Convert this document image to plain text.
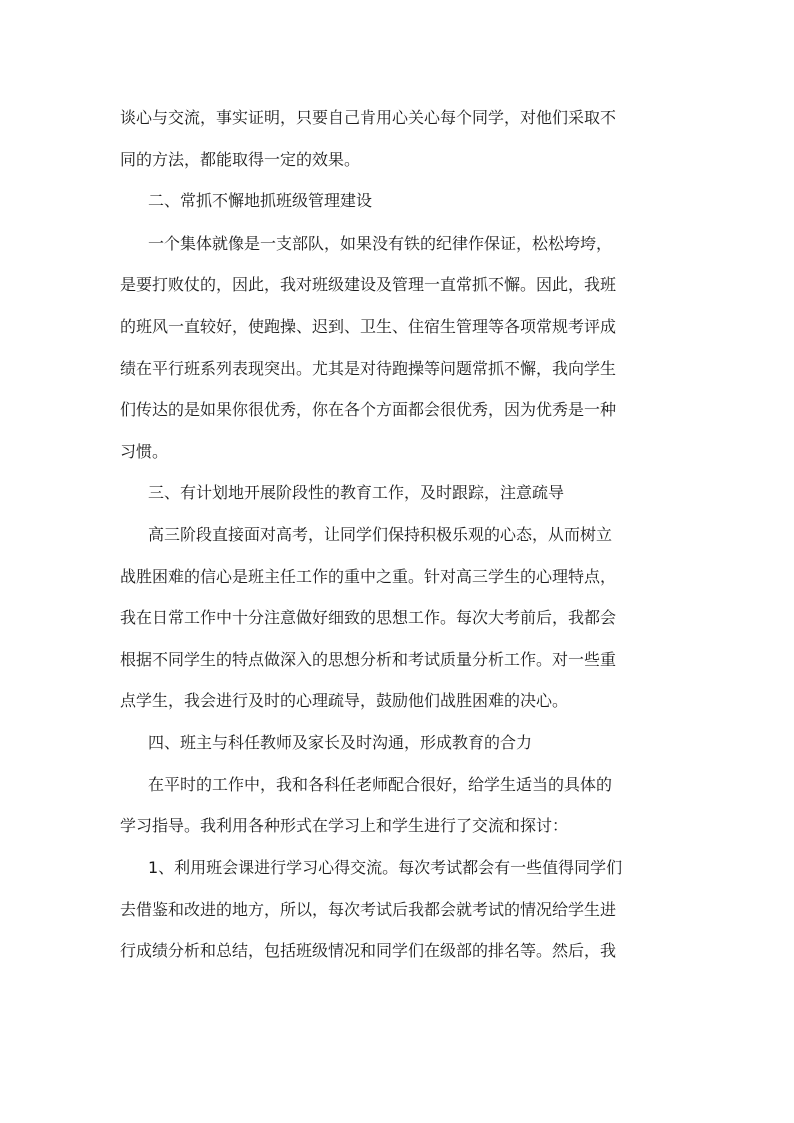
谈心与交流，事实证明，只要自己肯用心关心每个同学，对他们采取不
同的方法，都能取得一定的效果。
二、常抓不懈地抓班级管理建设
一个集体就像是一支部队，如果没有铁的纪律作保证，松松垮垮，
是要打败仗的，因此，我对班级建设及管理一直常抓不懈。因此，我班
的班风一直较好，使跑操、迟到、卫生、住宿生管理等各项常规考评成
绩在平行班系列表现突出。尤其是对待跑操等问题常抓不懈，我向学生
们传达的是如果你很优秀，你在各个方面都会很优秀，因为优秀是一种
习惯。
三、有计划地开展阶段性的教育工作，及时跟踪，注意疏导
高三阶段直接面对高考，让同学们保持积极乐观的心态，从而树立
战胜困难的信心是班主任工作的重中之重。针对高三学生的心理特点，
我在日常工作中十分注意做好细致的思想工作。每次大考前后，我都会
根据不同学生的特点做深入的思想分析和考试质量分析工作。对一些重
点学生，我会进行及时的心理疏导，鼓励他们战胜困难的决心。
四、班主与科任教师及家长及时沟通，形成教育的合力
在平时的工作中，我和各科任老师配合很好，给学生适当的具体的
学习指导。我利用各种形式在学习上和学生进行了交流和探讨：
1、利用班会课进行学习心得交流。每次考试都会有一些值得同学们
去借鉴和改进的地方，所以，每次考试后我都会就考试的情况给学生进
行成绩分析和总结，包括班级情况和同学们在级部的排名等。然后，我
